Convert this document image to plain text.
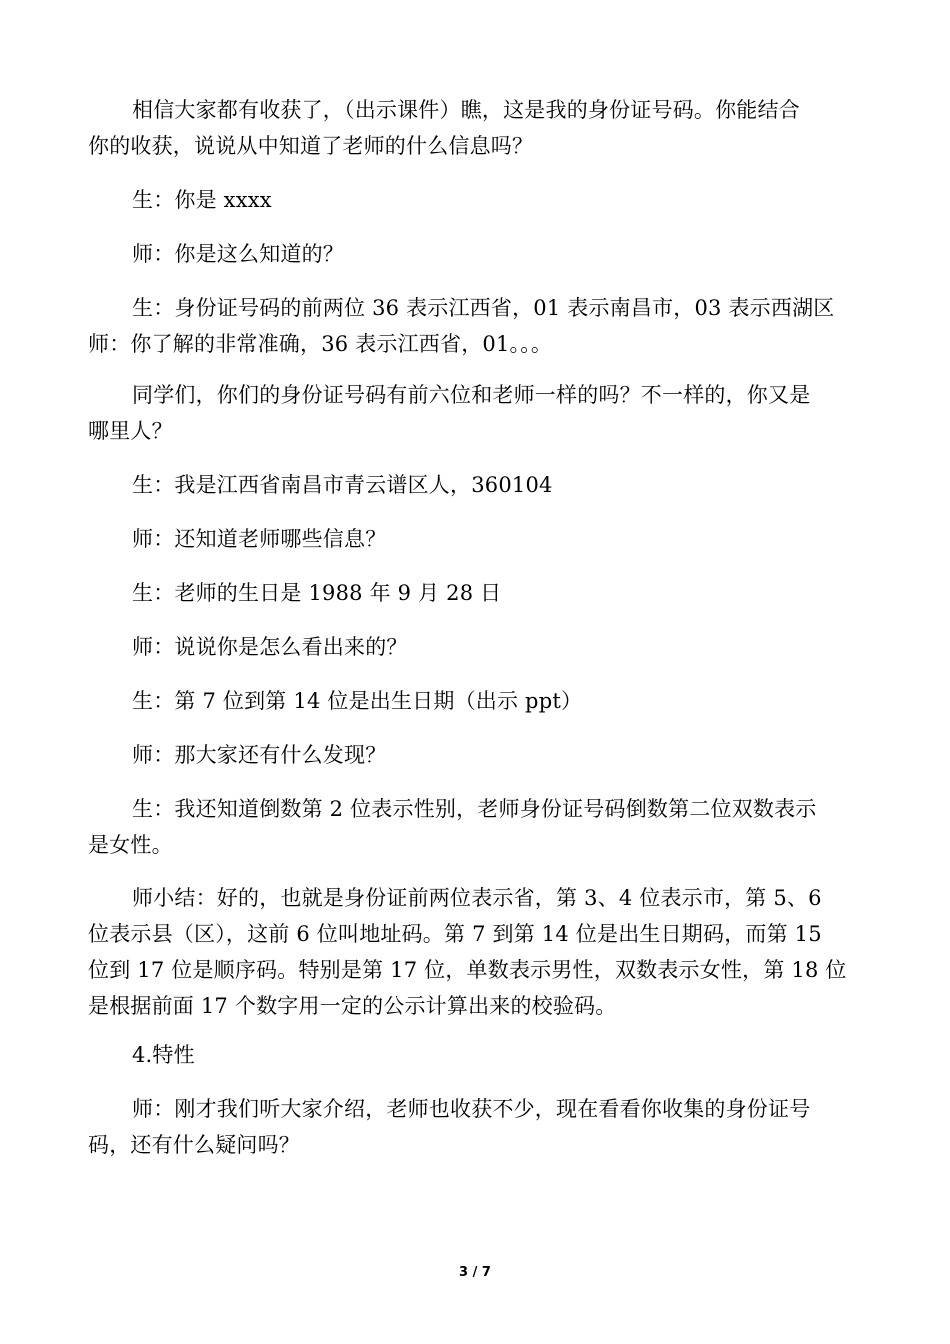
相信大家都有收获了，（出示课件）瞧，这是我的身份证号码。你能结合
你的收获，说说从中知道了老师的什么信息吗？
生：你是 xxxx
师：你是这么知道的？
生：身份证号码的前两位 36 表示江西省，01 表示南昌市，03 表示西湖区
师：你了解的非常准确，36 表示江西省，01。。。
同学们，你们的身份证号码有前六位和老师一样的吗？不一样的，你又是
哪里人？
生：我是江西省南昌市青云谱区人，360104
师：还知道老师哪些信息？
生：老师的生日是 1988 年 9 月 28 日
师：说说你是怎么看出来的？
生：第 7 位到第 14 位是出生日期（出示 ppt）
师：那大家还有什么发现？
生：我还知道倒数第 2 位表示性别，老师身份证号码倒数第二位双数表示
是女性。
师小结：好的，也就是身份证前两位表示省，第 3、4 位表示市，第 5、6
位表示县（区），这前 6 位叫地址码。第 7 到第 14 位是出生日期码，而第 15
位到 17 位是顺序码。特别是第 17 位，单数表示男性，双数表示女性，第 18 位
是根据前面 17 个数字用一定的公示计算出来的校验码。
4.特性
师：刚才我们听大家介绍，老师也收获不少，现在看看你收集的身份证号
码，还有什么疑问吗？
3 / 7
